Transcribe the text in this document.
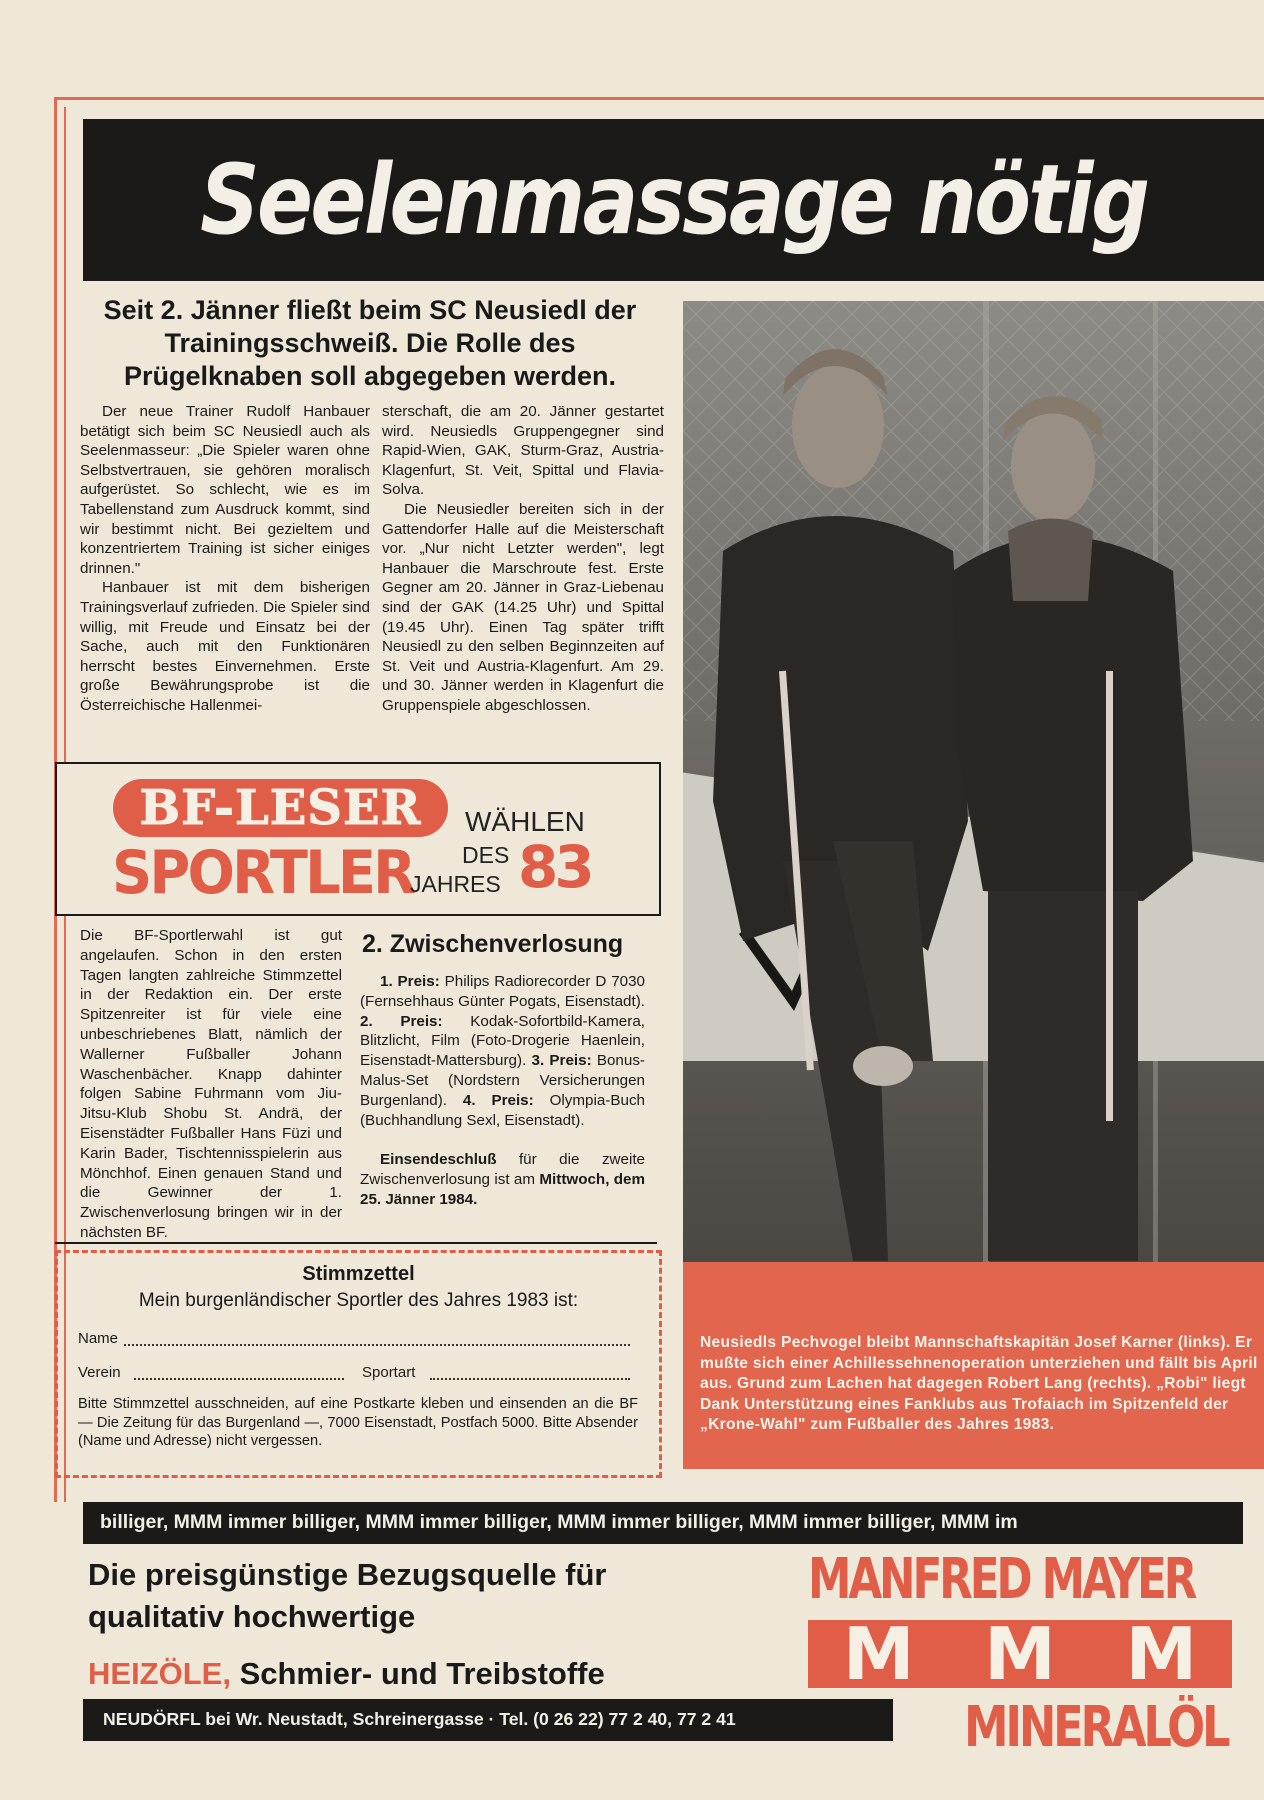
Seelenmassage nötig
Seit 2. Jänner fließt beim SC Neusiedl der Trainingsschweiß. Die Rolle des Prügelknaben soll abgegeben werden.

Der neue Trainer Rudolf Hanbauer betätigt sich beim SC Neusiedl auch als Seelenmasseur: „Die Spieler waren ohne Selbstvertrauen, sie gehören moralisch aufgerüstet. So schlecht, wie es im Tabellenstand zum Ausdruck kommt, sind wir bestimmt nicht. Bei gezieltem und konzentriertem Training ist sicher einiges drinnen."

Hanbauer ist mit dem bisherigen Trainingsverlauf zufrieden. Die Spieler sind willig, mit Freude und Einsatz bei der Sache, auch mit den Funktionären herrscht bestes Einvernehmen. Erste große Bewährungsprobe ist die Österreichische Hallenmei-

sterschaft, die am 20. Jänner gestartet wird. Neusiedls Gruppengegner sind Rapid-Wien, GAK, Sturm-Graz, Austria-Klagenfurt, St. Veit, Spittal und Flavia-Solva.

Die Neusiedler bereiten sich in der Gattendorfer Halle auf die Meisterschaft vor. „Nur nicht Letzter werden", legt Hanbauer die Marschroute fest. Erste Gegner am 20. Jänner in Graz-Liebenau sind der GAK (14.25 Uhr) und Spittal (19.45 Uhr). Einen Tag später trifft Neusiedl zu den selben Beginnzeiten auf St. Veit und Austria-Klagenfurt. Am 29. und 30. Jänner werden in Klagenfurt die Gruppenspiele abgeschlossen.

BF-LESER WÄHLEN
SPORTLER DES
JAHRES 83
Die BF-Sportlerwahl ist gut angelaufen. Schon in den ersten Tagen langten zahlreiche Stimmzettel in der Redaktion ein. Der erste Spitzenreiter ist für viele eine unbeschriebenes Blatt, nämlich der Wallerner Fußballer Johann Waschenbächer. Knapp dahinter folgen Sabine Fuhrmann vom Jiu-Jitsu-Klub Shobu St. Andrä, der Eisenstädter Fußballer Hans Füzi und Karin Bader, Tischtennisspielerin aus Mönchhof. Einen genauen Stand und die Gewinner der 1. Zwischenverlosung bringen wir in der nächsten BF.
2. Zwischenverlosung

1. Preis: Philips Radiorecorder D 7030 (Fernsehhaus Günter Pogats, Eisenstadt). 2. Preis: Kodak-Sofortbild-Kamera, Blitzlicht, Film (Foto-Drogerie Haenlein, Eisenstadt-Mattersburg). 3. Preis: Bonus-Malus-Set (Nordstern Versicherungen Burgenland). 4. Preis: Olympia-Buch (Buchhandlung Sexl, Eisenstadt).

Einsendeschluß für die zweite Zwischenverlosung ist am Mittwoch, dem 25. Jänner 1984.

Stimmzettel
Mein burgenländischer Sportler des Jahres 1983 ist:
Name
Verein	Sportart
Bitte Stimmzettel ausschneiden, auf eine Postkarte kleben und einsenden an die BF — Die Zeitung für das Burgenland —, 7000 Eisenstadt, Postfach 5000. Bitte Absender (Name und Adresse) nicht vergessen.
Neusiedls Pechvogel bleibt Mannschaftskapitän Josef Karner (links). Er mußte sich einer Achillessehnenoperation unterziehen und fällt bis April aus. Grund zum Lachen hat dagegen Robert Lang (rechts). „Robi" liegt Dank Unterstützung eines Fanklubs aus Trofaiach im Spitzenfeld der „Krone-Wahl" zum Fußballer des Jahres 1983.
billiger, MMM immer billiger, MMM immer billiger, MMM immer billiger, MMM immer billiger, MMM im
Die preisgünstige Bezugsquelle für
qualitativ hochwertige
HEIZÖLE, Schmier- und Treibstoffe
NEUDÖRFL bei Wr. Neustadt, Schreinergasse · Tel. (0 26 22) 77 2 40, 77 2 41
MANFRED MAYER
M M M
MINERALÖL
